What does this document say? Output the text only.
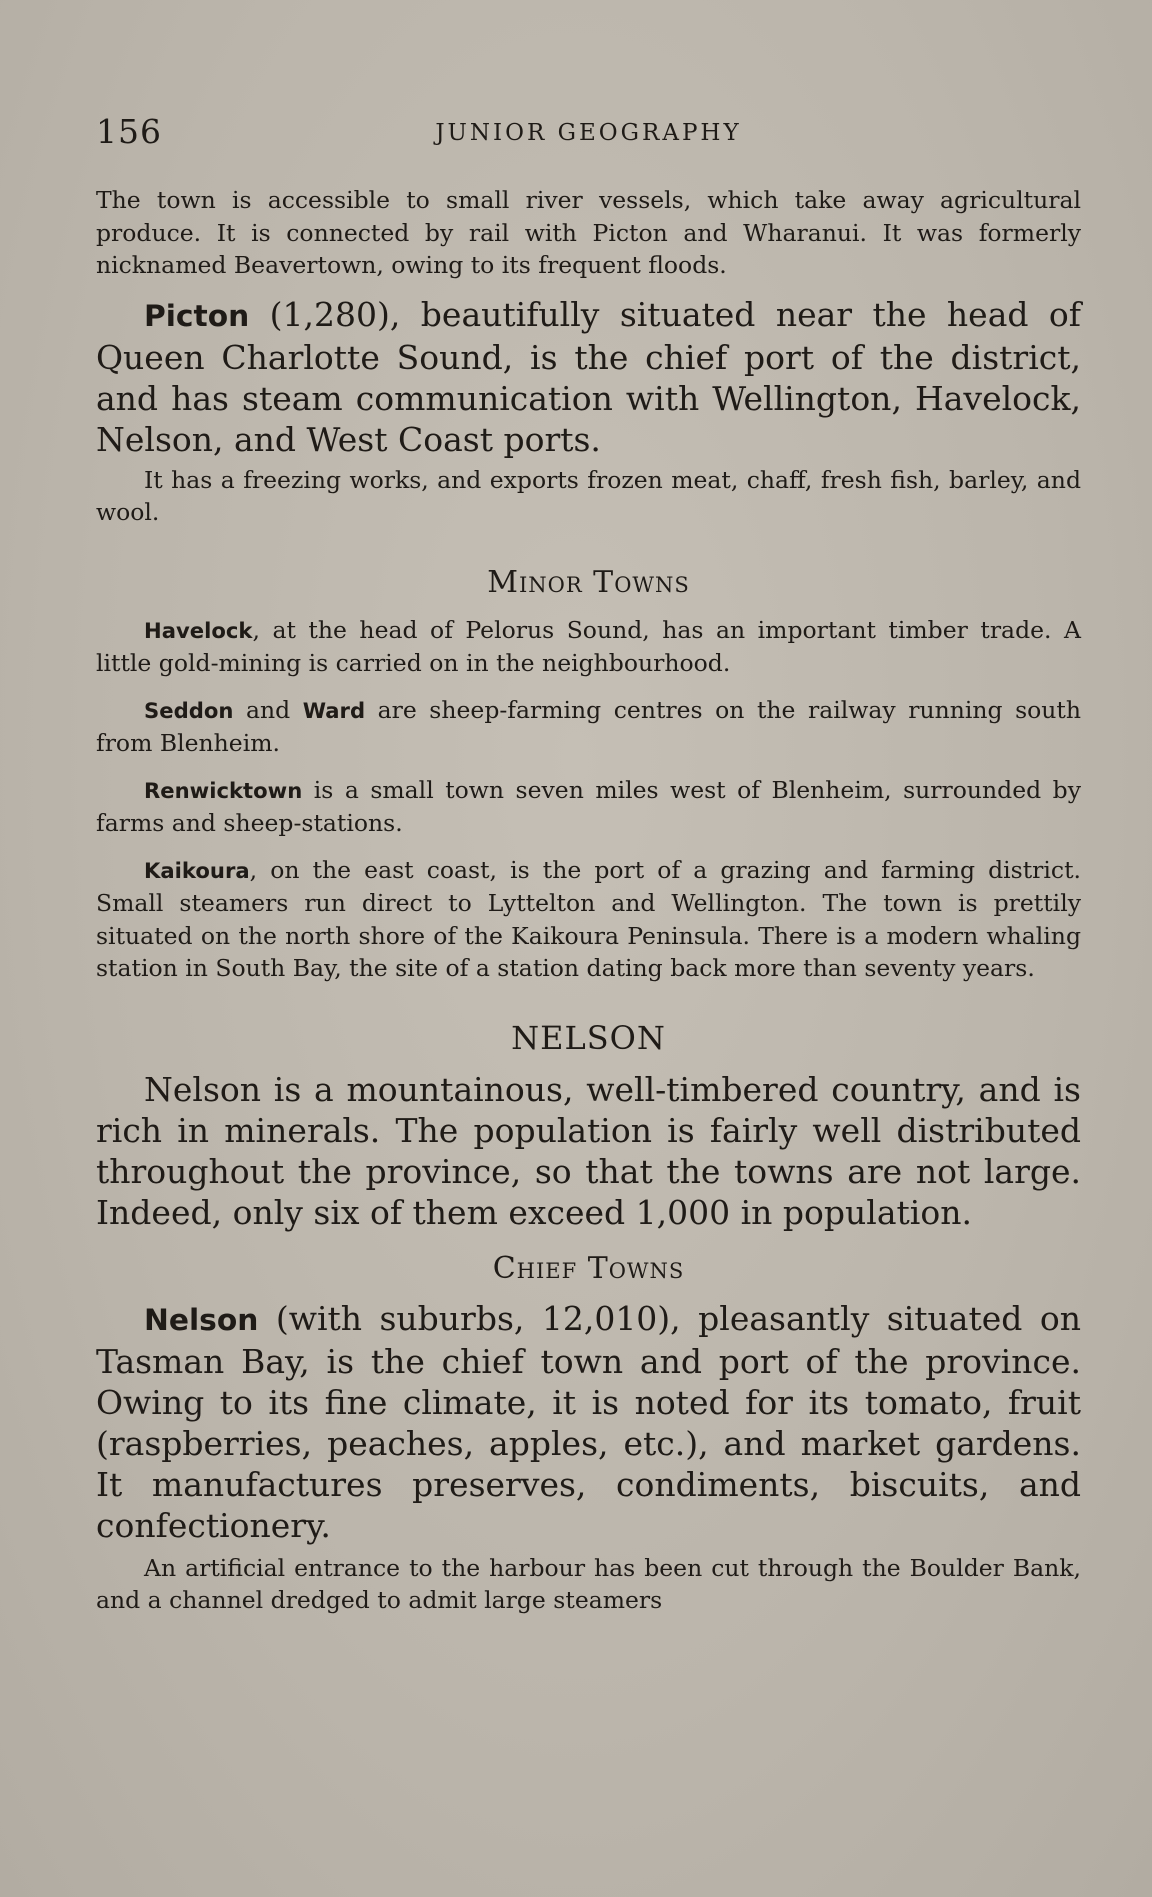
156	JUNIOR GEOGRAPHY

The town is accessible to small river vessels, which take away agricultural produce. It is connected by rail with Picton and Wharanui. It was formerly nicknamed Beavertown, owing to its frequent floods.

Picton (1,280), beautifully situated near the head of Queen Charlotte Sound, is the chief port of the district, and has steam communication with Wellington, Havelock, Nelson, and West Coast ports.

It has a freezing works, and exports frozen meat, chaff, fresh fish, barley, and wool.

Minor Towns

Havelock, at the head of Pelorus Sound, has an important timber trade. A little gold-mining is carried on in the neighbourhood.

Seddon and Ward are sheep-farming centres on the railway running south from Blenheim.

Renwicktown is a small town seven miles west of Blenheim, surrounded by farms and sheep-stations.

Kaikoura, on the east coast, is the port of a grazing and farming district. Small steamers run direct to Lyttelton and Wellington. The town is prettily situated on the north shore of the Kaikoura Peninsula. There is a modern whaling station in South Bay, the site of a station dating back more than seventy years.

NELSON

Nelson is a mountainous, well-timbered country, and is rich in minerals. The population is fairly well distributed throughout the province, so that the towns are not large. Indeed, only six of them exceed 1,000 in population.

Chief Towns

Nelson (with suburbs, 12,010), pleasantly situated on Tasman Bay, is the chief town and port of the province. Owing to its fine climate, it is noted for its tomato, fruit (raspberries, peaches, apples, etc.), and market gardens. It manufactures preserves, condiments, biscuits, and confectionery.

An artificial entrance to the harbour has been cut through the Boulder Bank, and a channel dredged to admit large steamers
